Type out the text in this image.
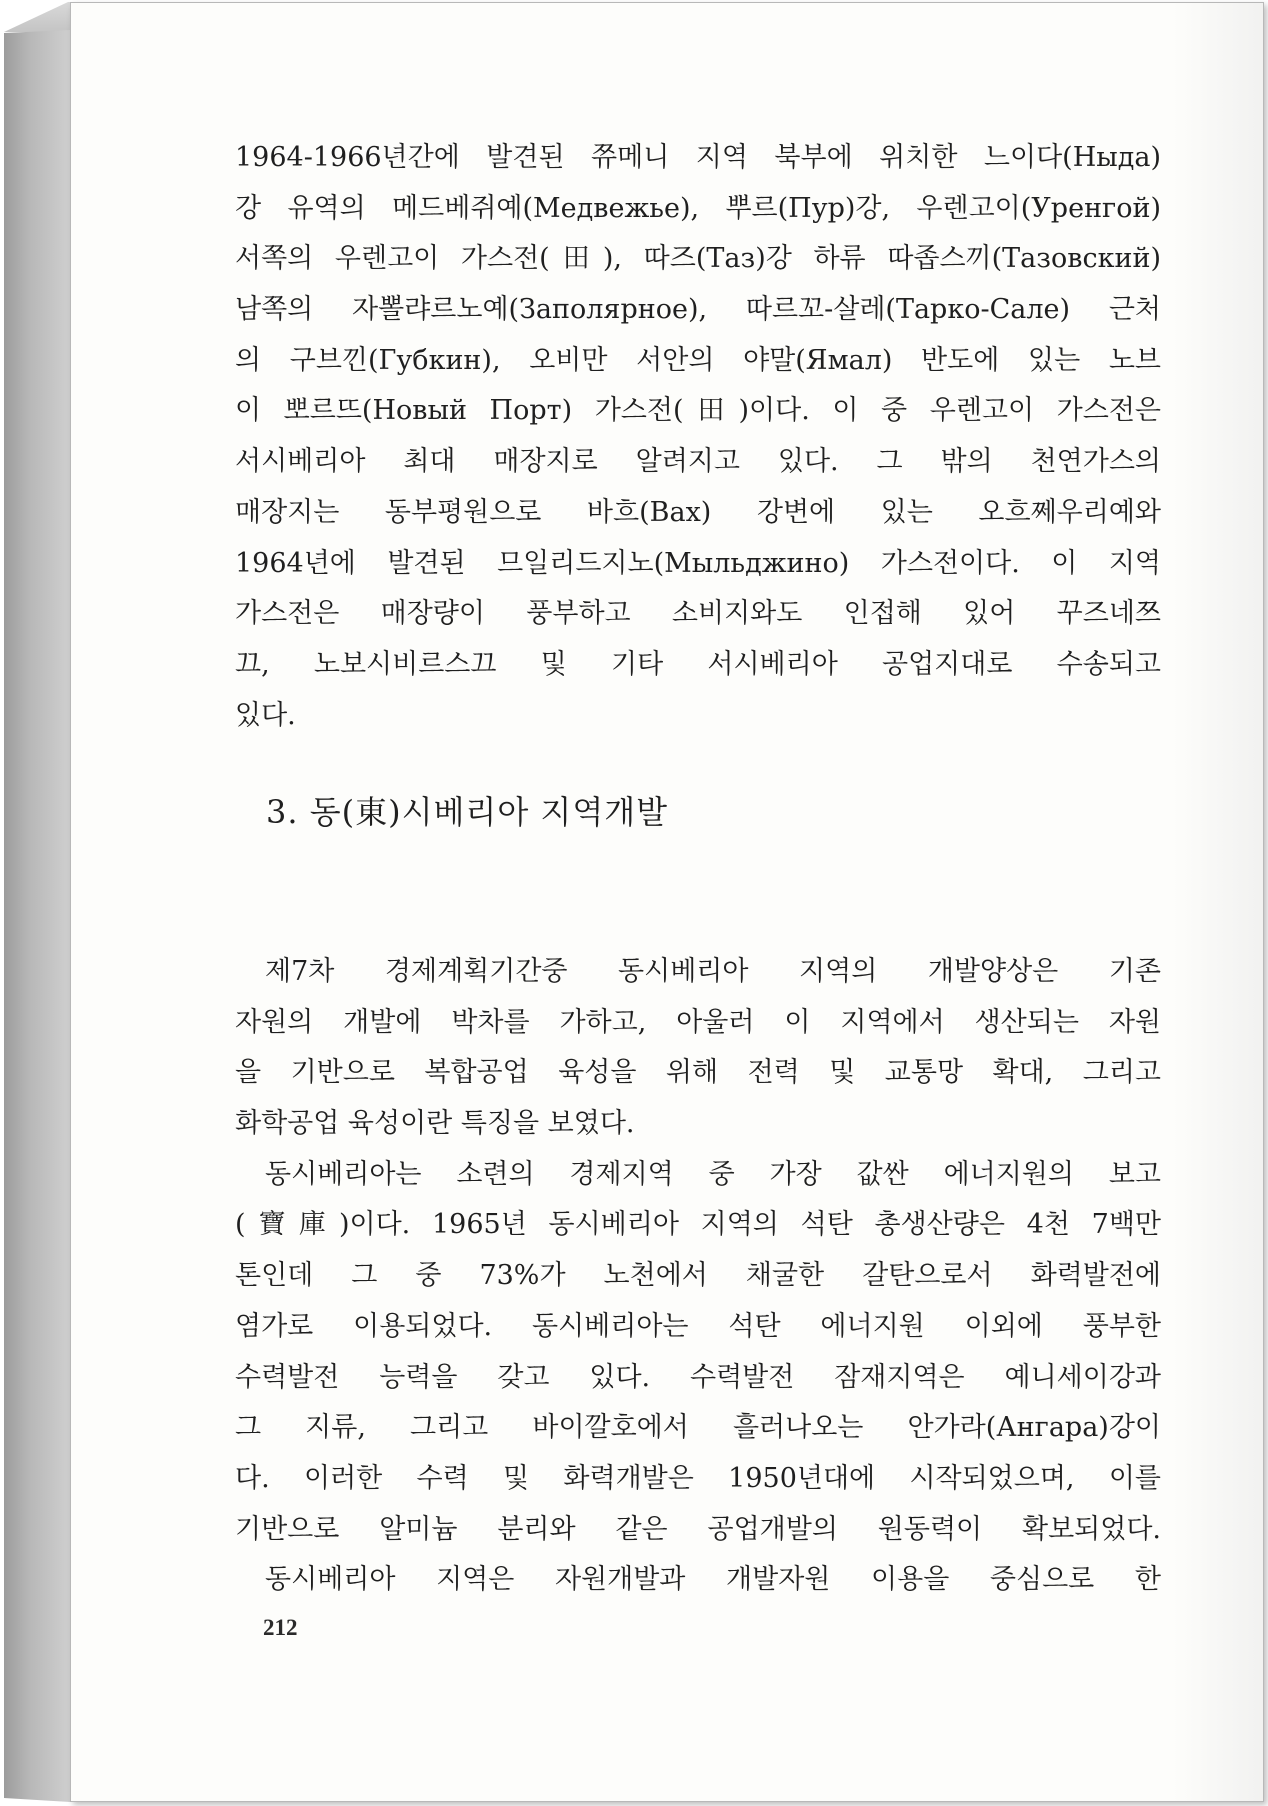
1964-1966년간에 발견된 쮸메니 지역 북부에 위치한 느이다(Ныда)
강 유역의 메드베쥐예(Медвежье), 뿌르(Пур)강, 우렌고이(Уренгой)
서쪽의 우렌고이 가스전(田), 따즈(Таз)강 하류 따좁스끼(Тазовский)
남쪽의 자뽈랴르노예(Заполярное), 따르꼬-살레(Тарко-Сале) 근처
의 구브낀(Губкин), 오비만 서안의 야말(Ямал) 반도에 있는 노브
이 뽀르뜨(Новый Порт) 가스전(田)이다. 이 중 우렌고이 가스전은
서시베리아 최대 매장지로 알려지고 있다. 그 밖의 천연가스의
매장지는 동부평원으로 바흐(Вах) 강변에 있는 오흐쩨우리예와
1964년에 발견된 므일리드지노(Мыльджино) 가스전이다. 이 지역
가스전은 매장량이 풍부하고 소비지와도 인접해 있어 꾸즈네쯔
끄, 노보시비르스끄 및 기타 서시베리아 공업지대로 수송되고
있다.
3. 동(東)시베리아 지역개발
제7차 경제계획기간중 동시베리아 지역의 개발양상은 기존
자원의 개발에 박차를 가하고, 아울러 이 지역에서 생산되는 자원
을 기반으로 복합공업 육성을 위해 전력 및 교통망 확대, 그리고
화학공업 육성이란 특징을 보였다.
동시베리아는 소련의 경제지역 중 가장 값싼 에너지원의 보고
(寶庫)이다. 1965년 동시베리아 지역의 석탄 총생산량은 4천 7백만
톤인데 그 중 73%가 노천에서 채굴한 갈탄으로서 화력발전에
염가로 이용되었다. 동시베리아는 석탄 에너지원 이외에 풍부한
수력발전 능력을 갖고 있다. 수력발전 잠재지역은 예니세이강과
그 지류, 그리고 바이깔호에서 흘러나오는 안가라(Ангара)강이
다. 이러한 수력 및 화력개발은 1950년대에 시작되었으며, 이를
기반으로 알미늄 분리와 같은 공업개발의 원동력이 확보되었다.
동시베리아 지역은 자원개발과 개발자원 이용을 중심으로 한
212
